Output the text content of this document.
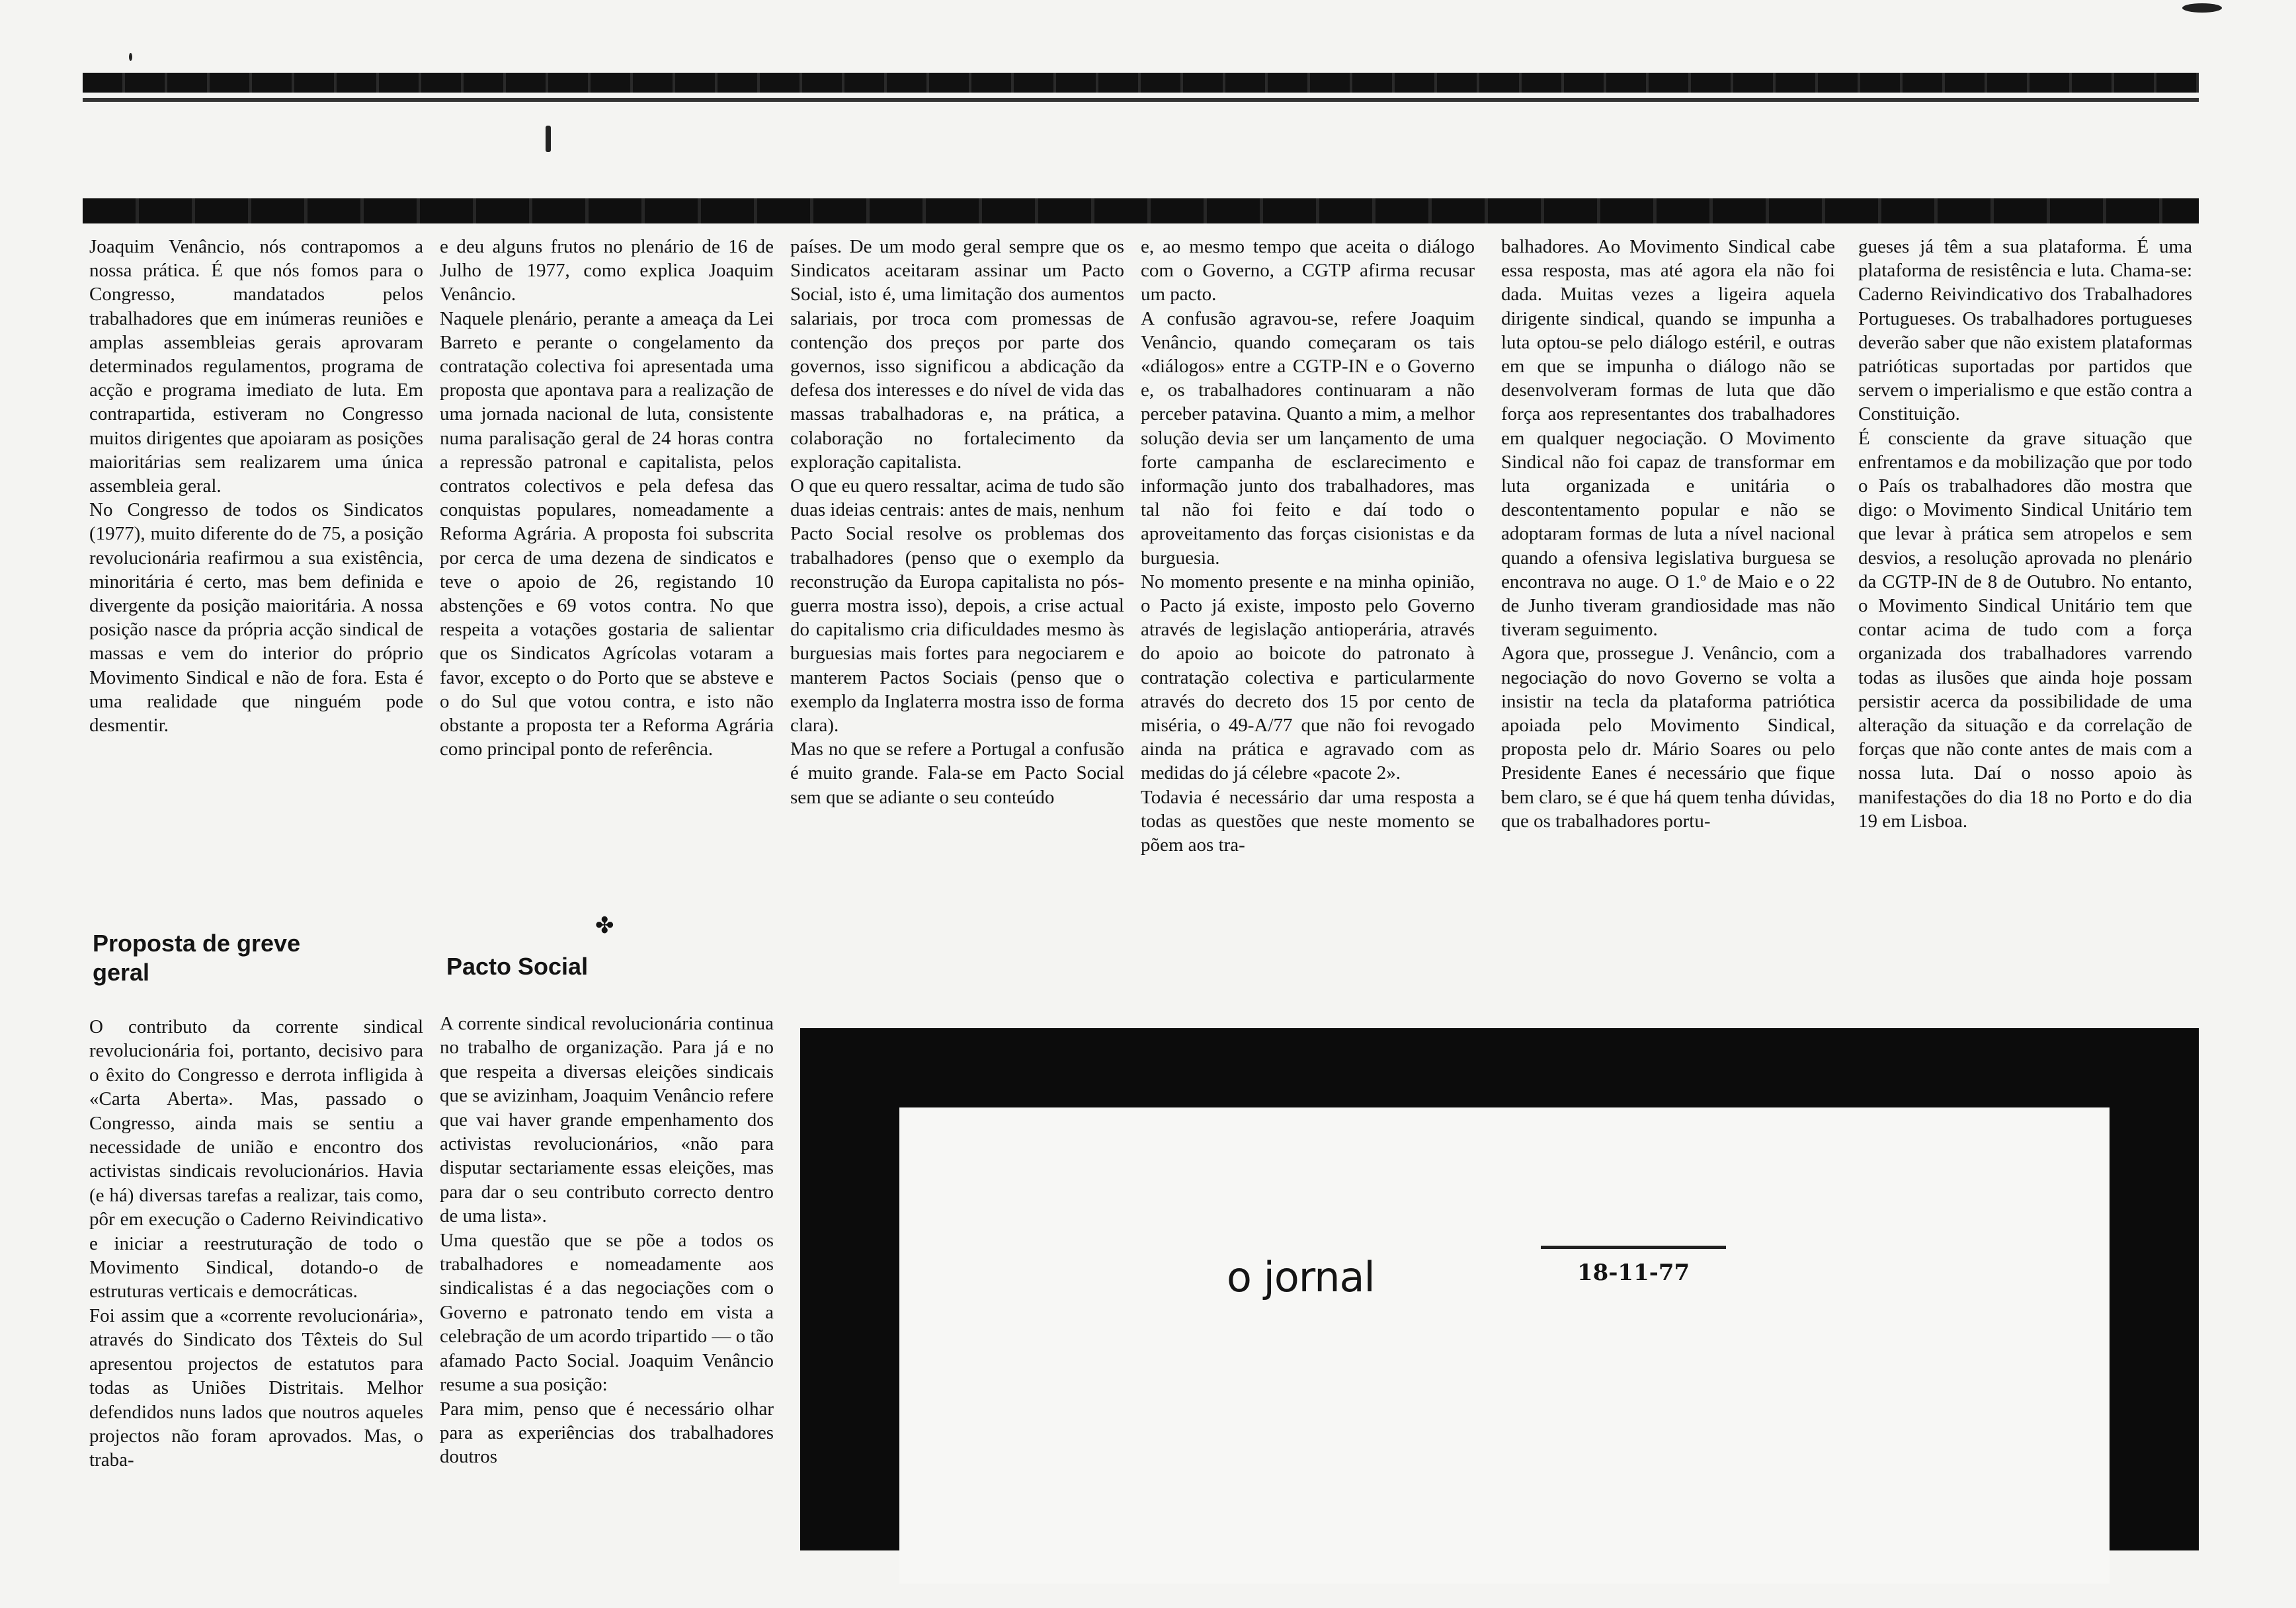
Joaquim Venâncio, nós contrapomos a nossa prática. É que nós fomos para o Congresso, mandatados pelos trabalhadores que em inúmeras reuniões e amplas assembleias gerais aprovaram determinados regulamentos, programa de acção e programa imediato de luta. Em contrapartida, estiveram no Congresso muitos dirigentes que apoiaram as posições maioritárias sem realizarem uma única assembleia geral.
No Congresso de todos os Sindicatos (1977), muito diferente do de 75, a posição revolucionária reafirmou a sua existência, minoritária é certo, mas bem definida e divergente da posição maioritária. A nossa posição nasce da própria acção sindical de massas e vem do interior do próprio Movimento Sindical e não de fora. Esta é uma realidade que ninguém pode desmentir.
e deu alguns frutos no plenário de 16 de Julho de 1977, como explica Joaquim Venâncio.
Naquele plenário, perante a ameaça da Lei Barreto e perante o congelamento da contratação colectiva foi apresentada uma proposta que apontava para a realização de uma jornada nacional de luta, consistente numa paralisação geral de 24 horas contra a repressão patronal e capitalista, pelos contratos colectivos e pela defesa das conquistas populares, nomeadamente a Reforma Agrária. A proposta foi subscrita por cerca de uma dezena de sindicatos e teve o apoio de 26, registando 10 abstenções e 69 votos contra. No que respeita a votações gostaria de salientar que os Sindicatos Agrícolas votaram a favor, excepto o do Porto que se absteve e o do Sul que votou contra, e isto não obstante a proposta ter a Reforma Agrária como principal ponto de referência.
países. De um modo geral sempre que os Sindicatos aceitaram assinar um Pacto Social, isto é, uma limitação dos aumentos salariais, por troca com promessas de contenção dos preços por parte dos governos, isso significou a abdicação da defesa dos interesses e do nível de vida das massas trabalhadoras e, na prática, a colaboração no fortalecimento da exploração capitalista.
O que eu quero ressaltar, acima de tudo são duas ideias centrais: antes de mais, nenhum Pacto Social resolve os problemas dos trabalhadores (penso que o exemplo da reconstrução da Europa capitalista no pós-guerra mostra isso), depois, a crise actual do capitalismo cria dificuldades mesmo às burguesias mais fortes para negociarem e manterem Pactos Sociais (penso que o exemplo da Inglaterra mostra isso de forma clara).
Mas no que se refere a Portugal a confusão é muito grande. Fala-se em Pacto Social sem que se adiante o seu conteúdo
e, ao mesmo tempo que aceita o diálogo com o Governo, a CGTP afirma recusar um pacto.
A confusão agravou-se, refere Joaquim Venâncio, quando começaram os tais «diálogos» entre a CGTP-IN e o Governo e, os trabalhadores continuaram a não perceber patavina. Quanto a mim, a melhor solução devia ser um lançamento de uma forte campanha de esclarecimento e informação junto dos trabalhadores, mas tal não foi feito e daí todo o aproveitamento das forças cisionistas e da burguesia.
No momento presente e na minha opinião, o Pacto já existe, imposto pelo Governo através de legislação antioperária, através do apoio ao boicote do patronato à contratação colectiva e particularmente através do decreto dos 15 por cento de miséria, o 49-A/77 que não foi revogado ainda na prática e agravado com as medidas do já célebre «pacote 2».
Todavia é necessário dar uma resposta a todas as questões que neste momento se põem aos tra-
balhadores. Ao Movimento Sindical cabe essa resposta, mas até agora ela não foi dada. Muitas vezes a ligeira aquela dirigente sindical, quando se impunha a luta optou-se pelo diálogo estéril, e outras em que se impunha o diálogo não se desenvolveram formas de luta que dão força aos representantes dos trabalhadores em qualquer negociação. O Movimento Sindical não foi capaz de transformar em luta organizada e unitária o descontentamento popular e não se adoptaram formas de luta a nível nacional quando a ofensiva legislativa burguesa se encontrava no auge. O 1.º de Maio e o 22 de Junho tiveram grandiosidade mas não tiveram seguimento.
Agora que, prossegue J. Venâncio, com a negociação do novo Governo se volta a insistir na tecla da plataforma patriótica apoiada pelo Movimento Sindical, proposta pelo dr. Mário Soares ou pelo Presidente Eanes é necessário que fique bem claro, se é que há quem tenha dúvidas, que os trabalhadores portu-
gueses já têm a sua plataforma. É uma plataforma de resistência e luta. Chama-se: Caderno Reivindicativo dos Trabalhadores Portugueses. Os trabalhadores portugueses deverão saber que não existem plataformas patrióticas suportadas por partidos que servem o imperialismo e que estão contra a Constituição.
É consciente da grave situação que enfrentamos e da mobilização que por todo o País os trabalhadores dão mostra que digo: o Movimento Sindical Unitário tem que levar à prática sem atropelos e sem desvios, a resolução aprovada no plenário da CGTP-IN de 8 de Outubro. No entanto, o Movimento Sindical Unitário tem que contar acima de tudo com a força organizada dos trabalhadores varrendo todas as ilusões que ainda hoje possam persistir acerca da possibilidade de uma alteração da situação e da correlação de forças que não conte antes de mais com a nossa luta. Daí o nosso apoio às manifestações do dia 18 no Porto e do dia 19 em Lisboa.
Proposta de greve geral	Pacto Social
✤
O contributo da corrente sindical revolucionária foi, portanto, decisivo para o êxito do Congresso e derrota infligida à «Carta Aberta». Mas, passado o Congresso, ainda mais se sentiu a necessidade de união e encontro dos activistas sindicais revolucionários. Havia (e há) diversas tarefas a realizar, tais como, pôr em execução o Caderno Reivindicativo e iniciar a reestruturação de todo o Movimento Sindical, dotando-o de estruturas verticais e democráticas.
Foi assim que a «corrente revolucionária», através do Sindicato dos Têxteis do Sul apresentou projectos de estatutos para todas as Uniões Distritais. Melhor defendidos nuns lados que noutros aqueles projectos não foram aprovados. Mas, o traba-
A corrente sindical revolucionária continua no trabalho de organização. Para já e no que respeita a diversas eleições sindicais que se avizinham, Joaquim Venâncio refere que vai haver grande empenhamento dos activistas revolucionários, «não para disputar sectariamente essas eleições, mas para dar o seu contributo correcto dentro de uma lista».
Uma questão que se põe a todos os trabalhadores e nomeadamente aos sindicalistas é a das negociações com o Governo e patronato tendo em vista a celebração de um acordo tripartido — o tão afamado Pacto Social. Joaquim Venâncio resume a sua posição:
Para mim, penso que é necessário olhar para as experiências dos trabalhadores doutros
o jornal	18-11-77
